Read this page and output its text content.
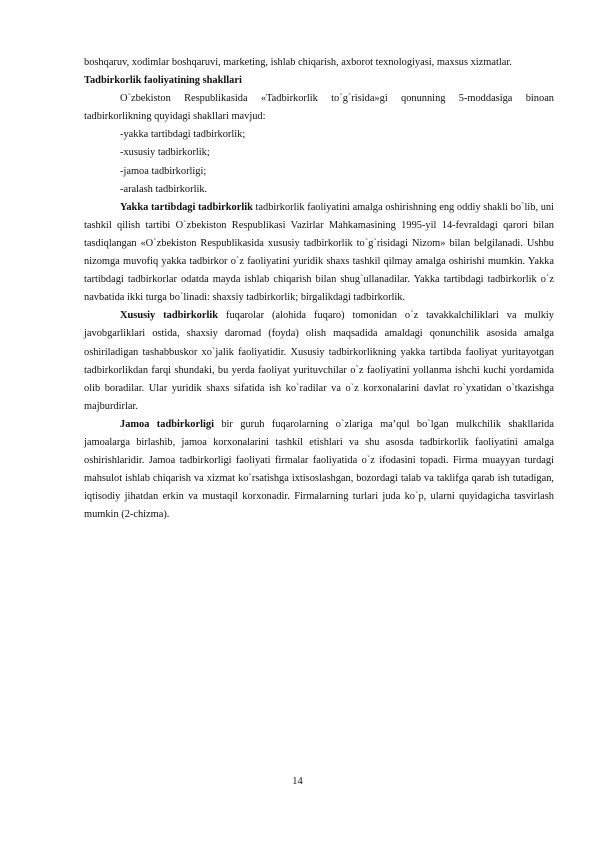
boshqaruv, xodimlar boshqaruvi, marketing, ishlab chiqarish, axborot texnologiyasi, maxsus xizmatlar.

Tadbirkorlik faoliyatining shakllari

O`zbekiston Respublikasida «Tadbirkorlik to`g`risida»gi qonunning 5-moddasiga binoan tadbirkorlikning quyidagi shakllari mavjud:

-yakka tartibdagi tadbirkorlik;

-xususiy tadbirkorlik;

-jamoa tadbirkorligi;

-aralash tadbirkorlik.

Yakka tartibdagi tadbirkorlik tadbirkorlik faoliyatini amalga oshirishning eng oddiy shakli bo`lib, uni tashkil qilish tartibi O`zbekiston Respublikasi Vazirlar Mahkamasining 1995-yil 14-fevraldagi qarori bilan tasdiqlangan «O`zbekiston Respublikasida xususiy tadbirkorlik to`g`risidagi Nizom» bilan belgilanadi. Ushbu nizomga muvofiq yakka tadbirkor o`z faoliyatini yuridik shaxs tashkil qilmay amalga oshirishi mumkin. Yakka tartibdagi tadbirkorlar odatda mayda ishlab chiqarish bilan shug`ullanadilar. Yakka tartibdagi tadbirkorlik o`z navbatida ikki turga bo`linadi: shaxsiy tadbirkorlik; birgalikdagi tadbirkorlik.

Xususiy tadbirkorlik fuqarolar (alohida fuqaro) tomonidan o`z tavakkalchiliklari va mulkiy javobgarliklari ostida, shaxsiy daromad (foyda) olish maqsadida amaldagi qonunchilik asosida amalga oshiriladigan tashabbuskor xo`jalik faoliyatidir. Xususiy tadbirkorlikning yakka tartibda faoliyat yuritayotgan tadbirkorlikdan farqi shundaki, bu yerda faoliyat yurituvchilar o`z faoliyatini yollanma ishchi kuchi yordamida olib boradilar. Ular yuridik shaxs sifatida ish ko`radilar va o`z korxonalarini davlat ro`yxatidan o`tkazishga majburdirlar.

Jamoa tadbirkorligi bir guruh fuqarolarning o`zlariga ma’qul bo`lgan mulkchilik shakllarida jamoalarga birlashib, jamoa korxonalarini tashkil etishlari va shu asosda tadbirkorlik faoliyatini amalga oshirishlaridir. Jamoa tadbirkorligi faoliyati firmalar faoliyatida o`z ifodasini topadi. Firma muayyan turdagi mahsulot ishlab chiqarish va xizmat ko`rsatishga ixtisoslashgan, bozordagi talab va taklifga qarab ish tutadigan, iqtisodiy jihatdan erkin va mustaqil korxonadir. Firmalarning turlari juda ko`p, ularni quyidagicha tasvirlash mumkin (2-chizma).

14
